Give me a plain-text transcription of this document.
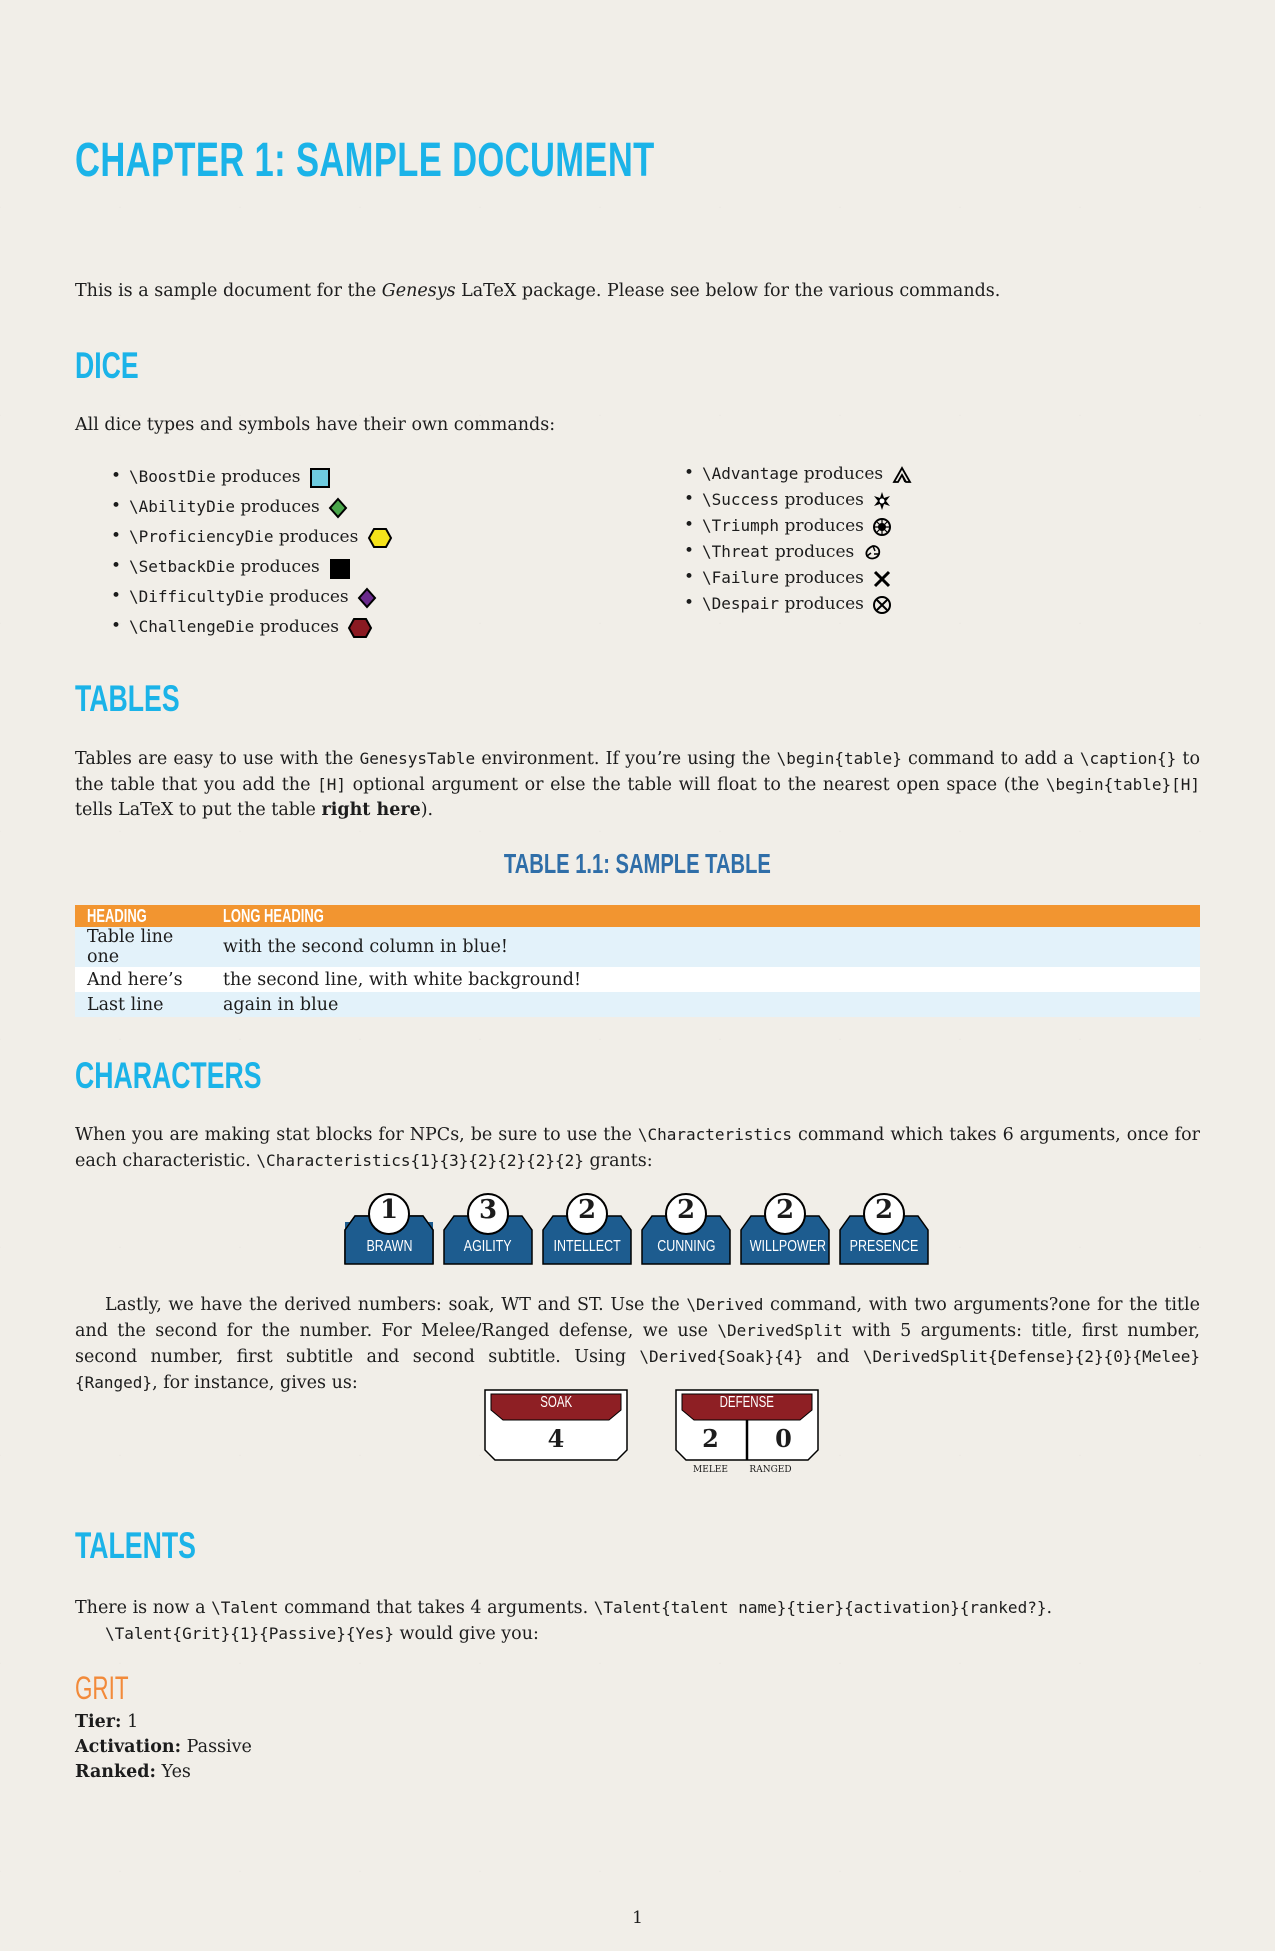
CHAPTER 1: SAMPLE DOCUMENT

This is a sample document for the Genesys LaTeX package. Please see below for the various commands.

DICE

All dice types and symbols have their own commands:

• \BoostDie produces
• \AbilityDie produces
• \ProficiencyDie produces
• \SetbackDie produces
• \DifficultyDie produces
• \ChallengeDie produces
• \Advantage produces
• \Success produces
• \Triumph produces
• \Threat produces
• \Failure produces
• \Despair produces
TABLES

Tables are easy to use with the GenesysTable environment. If you’re using the \begin{table} command to add a \caption{} to the table that you add the [H] optional argument or else the table will float to the nearest open space (the \begin{table}[H] tells LaTeX to put the table right here).

TABLE 1.1: SAMPLE TABLE
HEADING	LONG HEADING
Table line one	with the second column in blue!
And here’s	the second line, with white background!
Last line	again in blue
CHARACTERS

When you are making stat blocks for NPCs, be sure to use the \Characteristics command which takes 6 arguments, once for each characteristic. \Characteristics{1}{3}{2}{2}{2}{2} grants:

1
BRAWN
3
AGILITY
2
INTELLECT
2
CUNNING
2
WILLPOWER
2
PRESENCE

Lastly, we have the derived numbers: soak, WT and ST. Use the \Derived command, with two arguments?one for the title and the second for the number. For Melee/Ranged defense, we use \DerivedSplit with 5 arguments: title, first number, second number, first subtitle and second subtitle. Using \Derived{Soak}{4} and \DerivedSplit{Defense}{2}{0}{Melee}{Ranged}, for instance, gives us:

SOAK
4
DEFENSE
2	0
MELEE	RANGED
TALENTS

There is now a \Talent command that takes 4 arguments. \Talent{talent name}{tier}{activation}{ranked?}.
\Talent{Grit}{1}{Passive}{Yes} would give you:

GRIT

Tier: 1

Activation: Passive

Ranked: Yes

1
